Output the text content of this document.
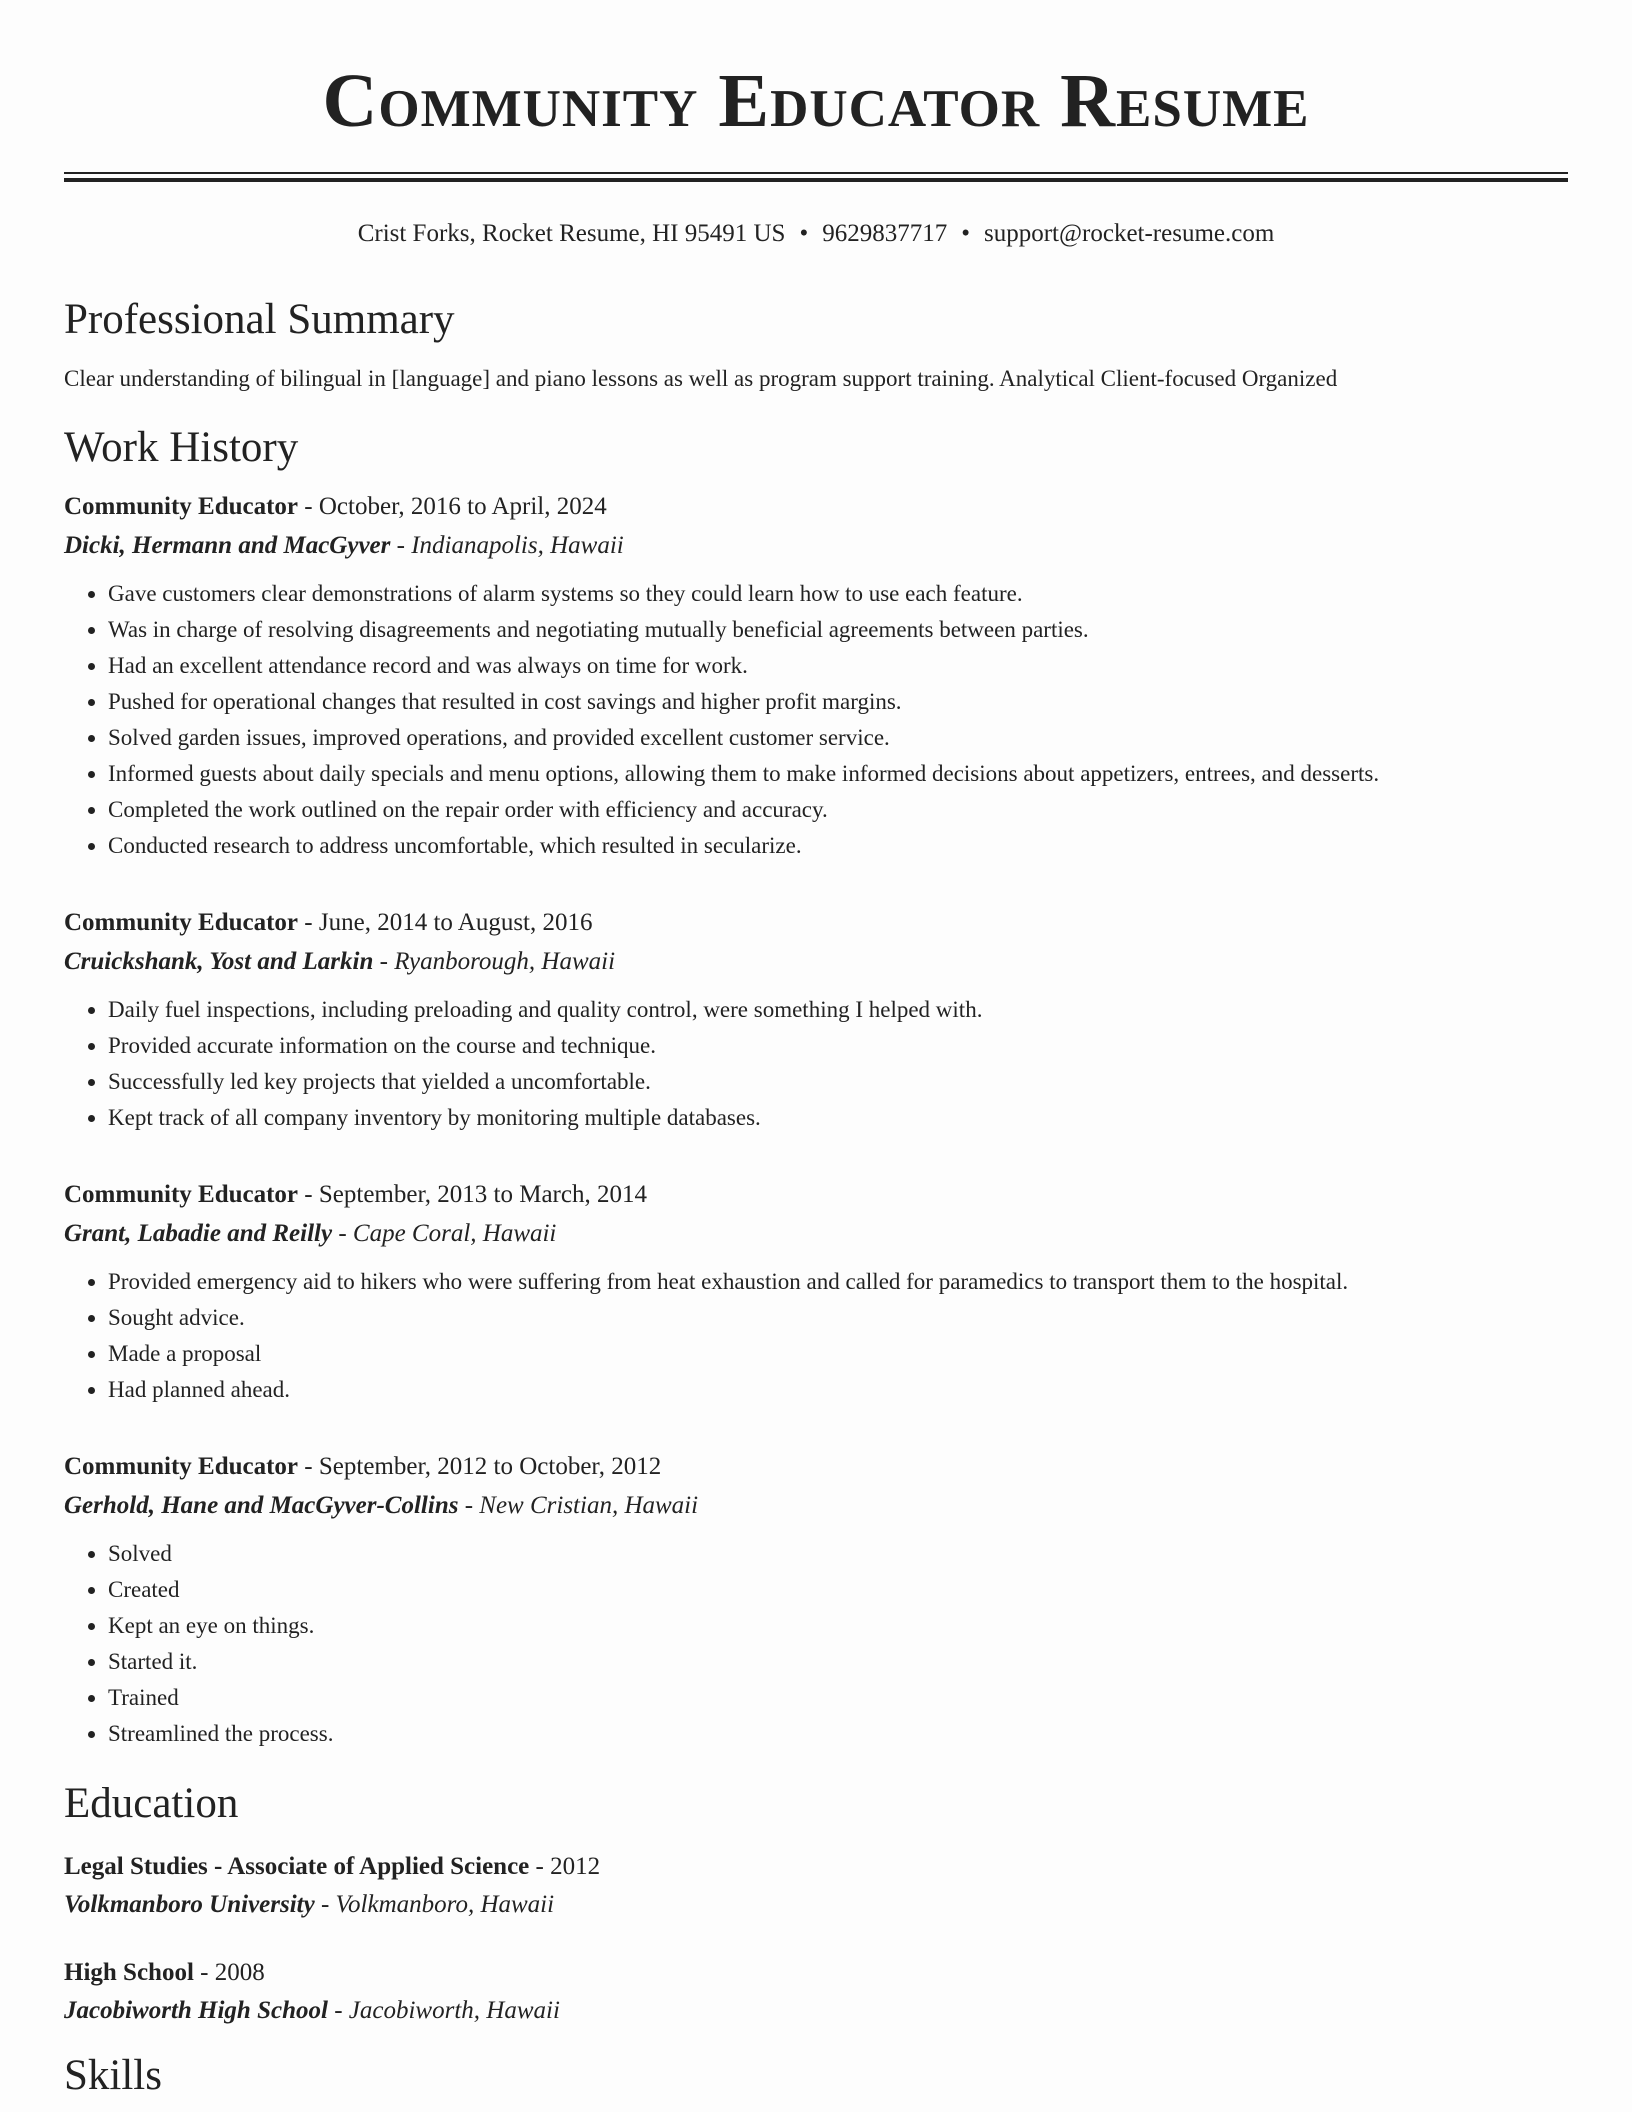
Community Educator Resume
Crist Forks, Rocket Resume, HI 95491 US • 9629837717 • support@rocket-resume.com
Professional Summary
Clear understanding of bilingual in [language] and piano lessons as well as program support training. Analytical Client-focused Organized
Work History
Community Educator - October, 2016 to April, 2024
Dicki, Hermann and MacGyver - Indianapolis, Hawaii
• Gave customers clear demonstrations of alarm systems so they could learn how to use each feature.
• Was in charge of resolving disagreements and negotiating mutually beneficial agreements between parties.
• Had an excellent attendance record and was always on time for work.
• Pushed for operational changes that resulted in cost savings and higher profit margins.
• Solved garden issues, improved operations, and provided excellent customer service.
• Informed guests about daily specials and menu options, allowing them to make informed decisions about appetizers, entrees, and desserts.
• Completed the work outlined on the repair order with efficiency and accuracy.
• Conducted research to address uncomfortable, which resulted in secularize.
Community Educator - June, 2014 to August, 2016
Cruickshank, Yost and Larkin - Ryanborough, Hawaii
• Daily fuel inspections, including preloading and quality control, were something I helped with.
• Provided accurate information on the course and technique.
• Successfully led key projects that yielded a uncomfortable.
• Kept track of all company inventory by monitoring multiple databases.
Community Educator - September, 2013 to March, 2014
Grant, Labadie and Reilly - Cape Coral, Hawaii
• Provided emergency aid to hikers who were suffering from heat exhaustion and called for paramedics to transport them to the hospital.
• Sought advice.
• Made a proposal
• Had planned ahead.
Community Educator - September, 2012 to October, 2012
Gerhold, Hane and MacGyver-Collins - New Cristian, Hawaii
• Solved
• Created
• Kept an eye on things.
• Started it.
• Trained
• Streamlined the process.
Education
Legal Studies - Associate of Applied Science - 2012
Volkmanboro University - Volkmanboro, Hawaii
High School - 2008
Jacobiworth High School - Jacobiworth, Hawaii
Skills
